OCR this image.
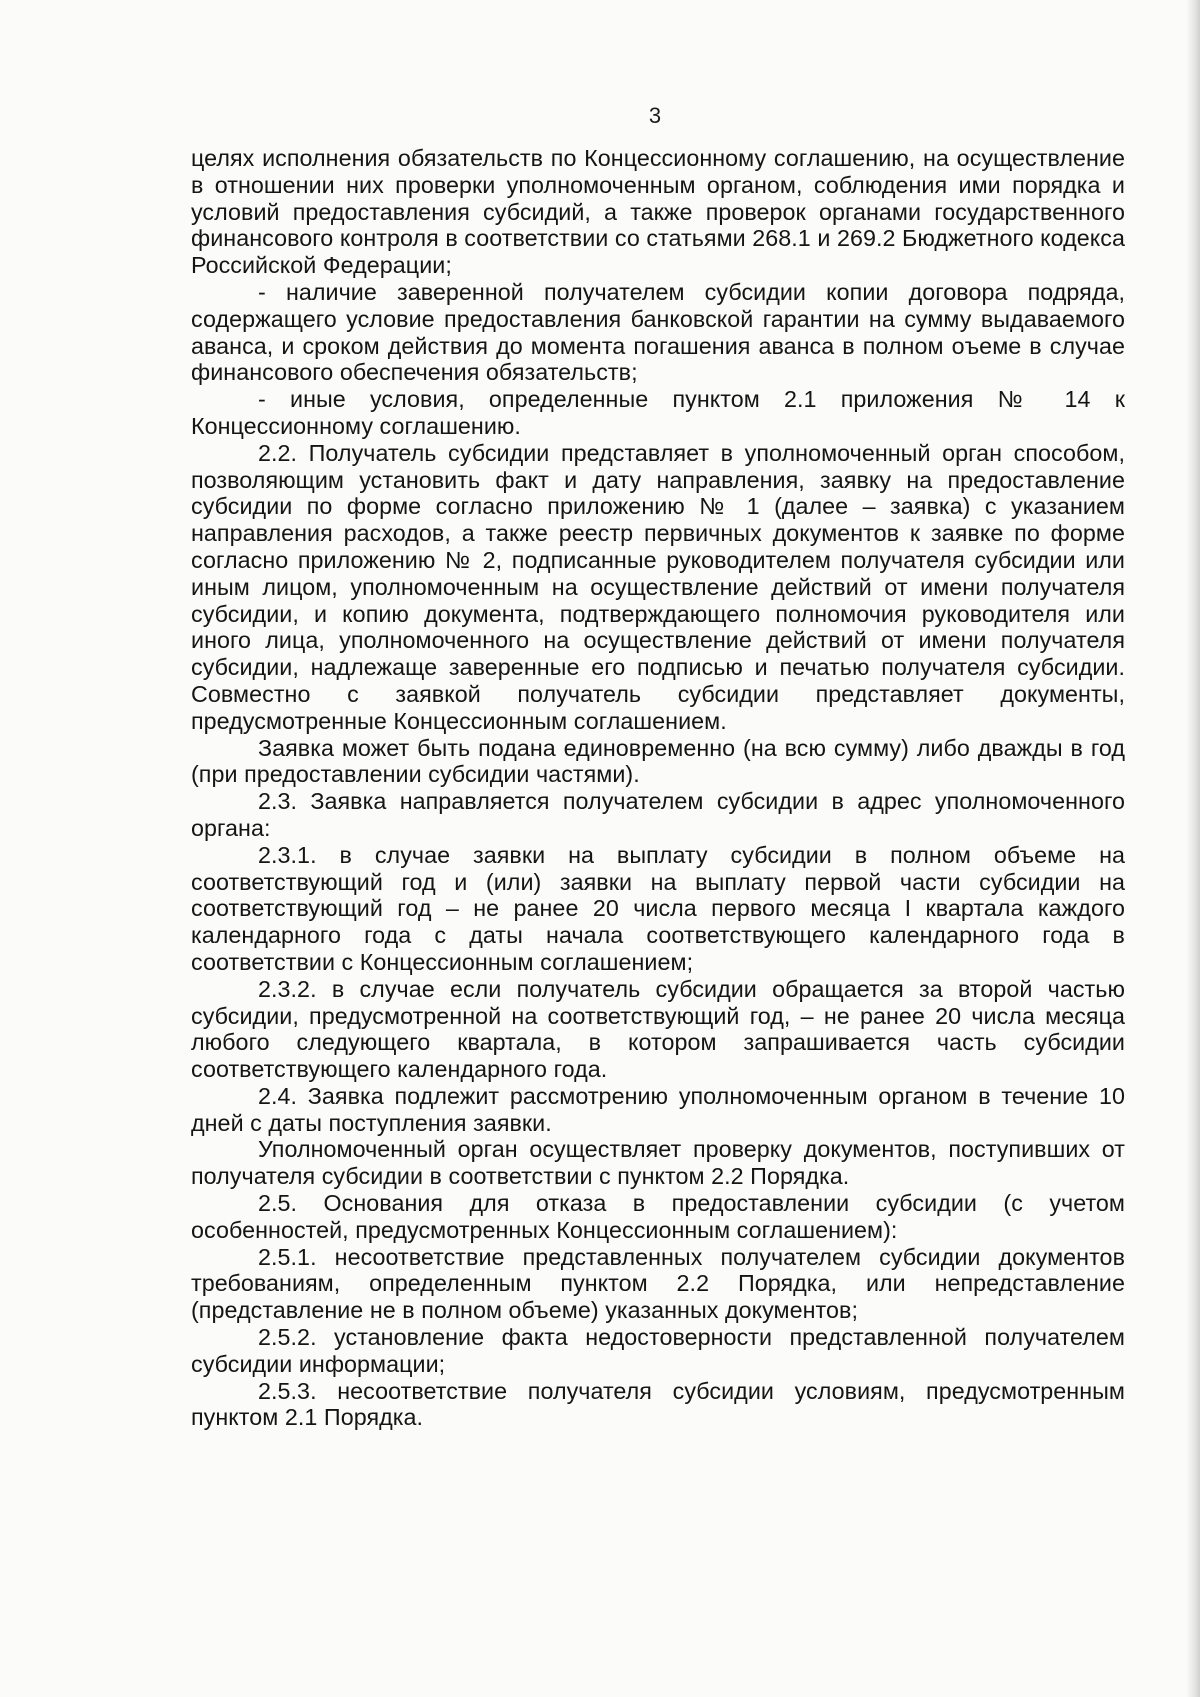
3

целях исполнения обязательств по Концессионному соглашению, на осуществление в отношении них проверки уполномоченным органом, соблюдения ими порядка и условий предоставления субсидий, а также проверок органами государственного финансового контроля в соответствии со статьями 268.1 и 269.2 Бюджетного кодекса Российской Федерации;

- наличие заверенной получателем субсидии копии договора подряда, содержащего условие предоставления банковской гарантии на сумму выдаваемого аванса, и сроком действия до момента погашения аванса в полном оъеме в случае финансового обеспечения обязательств;

- иные условия, определенные пунктом 2.1 приложения № 14 к Концессионному соглашению.

2.2. Получатель субсидии представляет в уполномоченный орган способом, позволяющим установить факт и дату направления, заявку на предоставление субсидии по форме согласно приложению № 1 (далее – заявка) с указанием направления расходов, а также реестр первичных документов к заявке по форме согласно приложению № 2, подписанные руководителем получателя субсидии или иным лицом, уполномоченным на осуществление действий от имени получателя субсидии, и копию документа, подтверждающего полномочия руководителя или иного лица, уполномоченного на осуществление действий от имени получателя субсидии, надлежаще заверенные его подписью и печатью получателя субсидии. Совместно с заявкой получатель субсидии представляет документы, предусмотренные Концессионным соглашением.

Заявка может быть подана единовременно (на всю сумму) либо дважды в год (при предоставлении субсидии частями).

2.3. Заявка направляется получателем субсидии в адрес уполномоченного органа:

2.3.1. в случае заявки на выплату субсидии в полном объеме на соответствующий год и (или) заявки на выплату первой части субсидии на соответствующий год – не ранее 20 числа первого месяца I квартала каждого календарного года с даты начала соответствующего календарного года в соответствии с Концессионным соглашением;

2.3.2. в случае если получатель субсидии обращается за второй частью субсидии, предусмотренной на соответствующий год, – не ранее 20 числа месяца любого следующего квартала, в котором запрашивается часть субсидии соответствующего календарного года.

2.4. Заявка подлежит рассмотрению уполномоченным органом в течение 10 дней с даты поступления заявки.

Уполномоченный орган осуществляет проверку документов, поступивших от получателя субсидии в соответствии с пунктом 2.2 Порядка.

2.5. Основания для отказа в предоставлении субсидии (с учетом особенностей, предусмотренных Концессионным соглашением):

2.5.1. несоответствие представленных получателем субсидии документов требованиям, определенным пунктом 2.2 Порядка, или непредставление (представление не в полном объеме) указанных документов;

2.5.2. установление факта недостоверности представленной получателем субсидии информации;

2.5.3. несоответствие получателя субсидии условиям, предусмотренным пунктом 2.1 Порядка.
